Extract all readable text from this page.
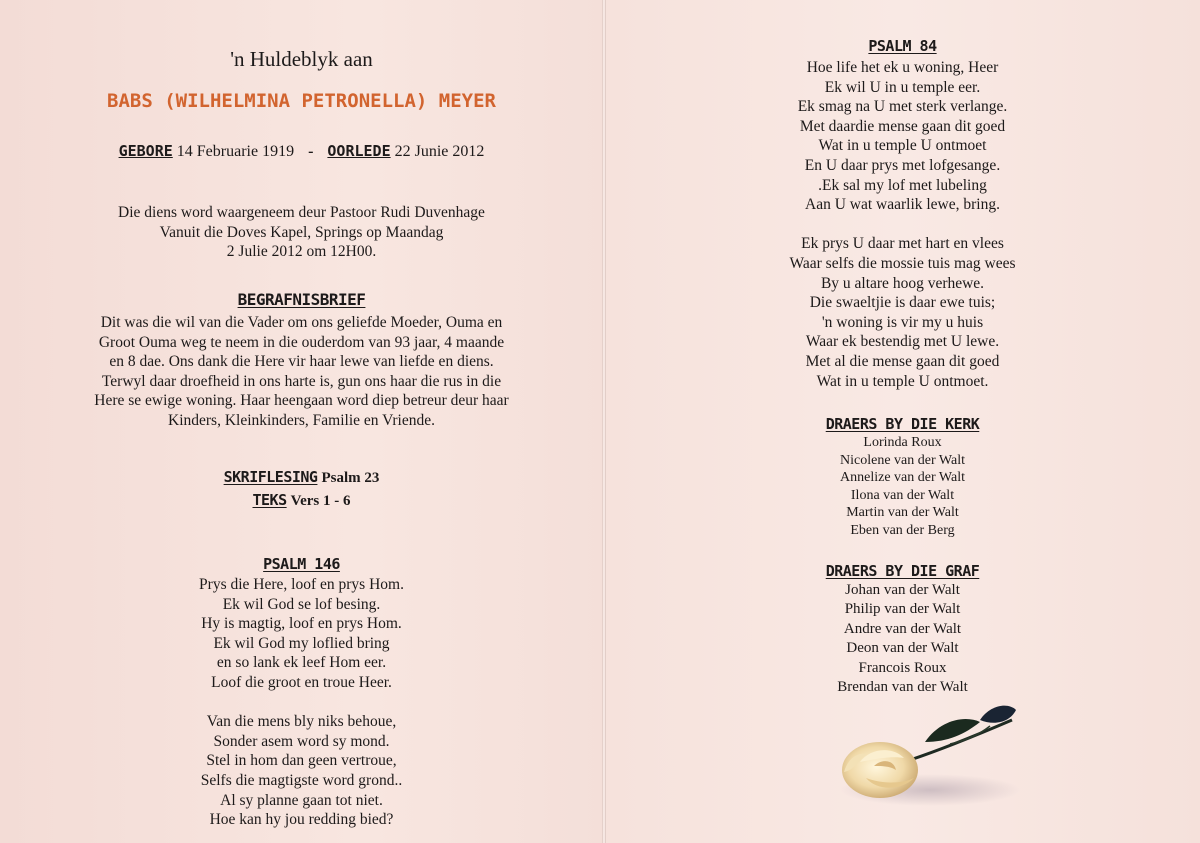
'n Huldeblyk aan
BABS (WILHELMINA PETRONELLA) MEYER
GEBORE 14 Februarie 1919 - OORLEDE 22 Junie 2012
Die diens word waargeneem deur Pastoor Rudi Duvenhage
Vanuit die Doves Kapel, Springs op Maandag
2 Julie 2012 om 12H00.
BEGRAFNISBRIEF
Dit was die wil van die Vader om ons geliefde Moeder, Ouma en
Groot Ouma weg te neem in die ouderdom van 93 jaar, 4 maande
en 8 dae. Ons dank die Here vir haar lewe van liefde en diens.
Terwyl daar droefheid in ons harte is, gun ons haar die rus in die
Here se ewige woning. Haar heengaan word diep betreur deur haar
Kinders, Kleinkinders, Familie en Vriende.
SKRIFLESING Psalm 23
TEKS Vers 1 - 6
PSALM 146
Prys die Here, loof en prys Hom.
Ek wil God se lof besing.
Hy is magtig, loof en prys Hom.
Ek wil God my loflied bring
en so lank ek leef Hom eer.
Loof die groot en troue Heer.
Van die mens bly niks behoue,
Sonder asem word sy mond.
Stel in hom dan geen vertroue,
Selfs die magtigste word grond..
Al sy planne gaan tot niet.
Hoe kan hy jou redding bied?
PSALM 84
Hoe life het ek u woning, Heer
Ek wil U in u temple eer.
Ek smag na U met sterk verlange.
Met daardie mense gaan dit goed
Wat in u temple U ontmoet
En U daar prys met lofgesange.
.Ek sal my lof met lubeling
Aan U wat waarlik lewe, bring.
Ek prys U daar met hart en vlees
Waar selfs die mossie tuis mag wees
By u altare hoog verhewe.
Die swaeltjie is daar ewe tuis;
'n woning is vir my u huis
Waar ek bestendig met U lewe.
Met al die mense gaan dit goed
Wat in u temple U ontmoet.
DRAERS BY DIE KERK
Lorinda Roux
Nicolene van der Walt
Annelize van der Walt
Ilona van der Walt
Martin van der Walt
Eben van der Berg
DRAERS BY DIE GRAF
Johan van der Walt
Philip van der Walt
Andre van der Walt
Deon van der Walt
Francois Roux
Brendan van der Walt
